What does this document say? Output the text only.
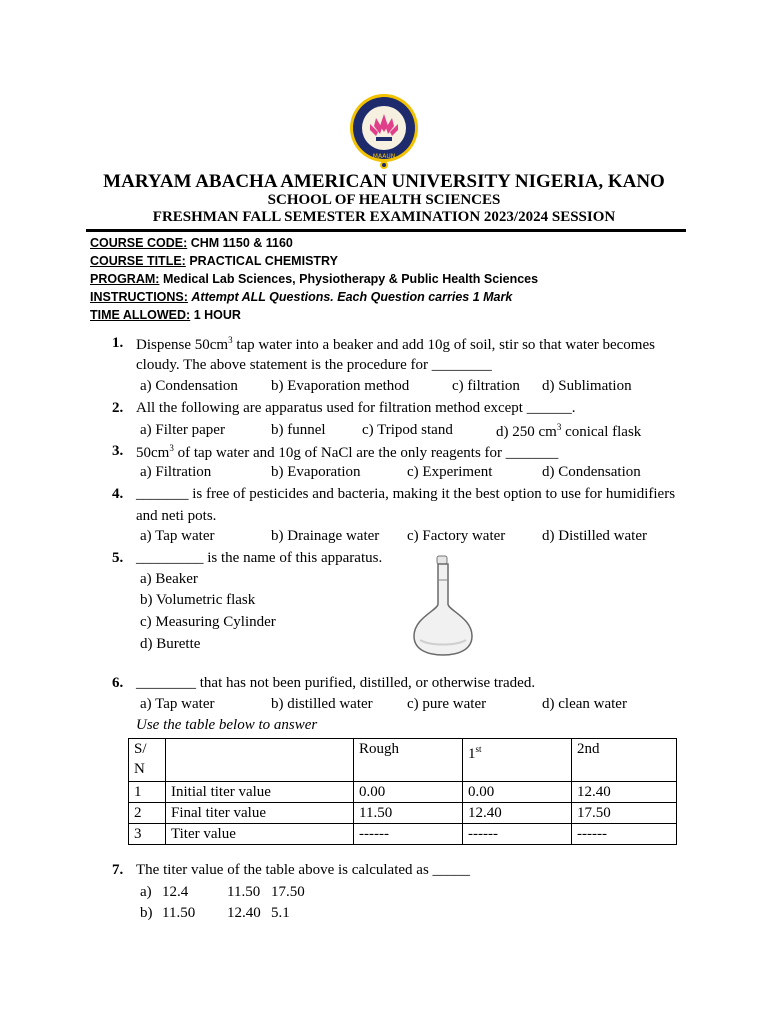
MAAUN
MARYAM ABACHA AMERICAN UNIVERSITY NIGERIA, KANO
SCHOOL OF HEALTH SCIENCES
FRESHMAN FALL SEMESTER EXAMINATION 2023/2024 SESSION
COURSE CODE: CHM 1150 & 1160
COURSE TITLE: PRACTICAL CHEMISTRY
PROGRAM: Medical Lab Sciences, Physiotherapy & Public Health Sciences
INSTRUCTIONS: Attempt ALL Questions. Each Question carries 1 Mark
TIME ALLOWED: 1 HOUR
1. Dispense $50cm^3$ tap water into a beaker and add 10g of soil, stir so that water becomes
cloudy. The above statement is the procedure for ________
a) Condensation b) Evaporation method	c) filtration d) Sublimation
2. All the following are apparatus used for filtration method except ______.
a) Filter paper	b) funnel c) Tripod stand	d) 250 $cm^3$ conical flask
3. $50cm^3$ of tap water and 10g of NaCl are the only reagents for _______
a) Filtration	b) Evaporation	c) Experiment	d) Condensation
4. _______ is free of pesticides and bacteria, making it the best option to use for humidifiers
and neti pots.
a) Tap water	b) Drainage water c) Factory water d) Distilled water
5. _________ is the name of this apparatus.
a) Beaker
b) Volumetric flask
c) Measuring Cylinder
d) Burette
6. ________ that has not been purified, distilled, or otherwise traded.
a) Tap water	b) distilled water c) pure water	d) clean water
Use the table below to answer
S/
N		Rough	1st	2nd
1	Initial titer value	0.00	0.00	12.40
2	Final titer value	11.50	12.40	17.50
3	Titer value	------	------	------
7. The titer value of the table above is calculated as _____
a) 12.4	11.50 17.50
b) 11.50 12.40 5.1
